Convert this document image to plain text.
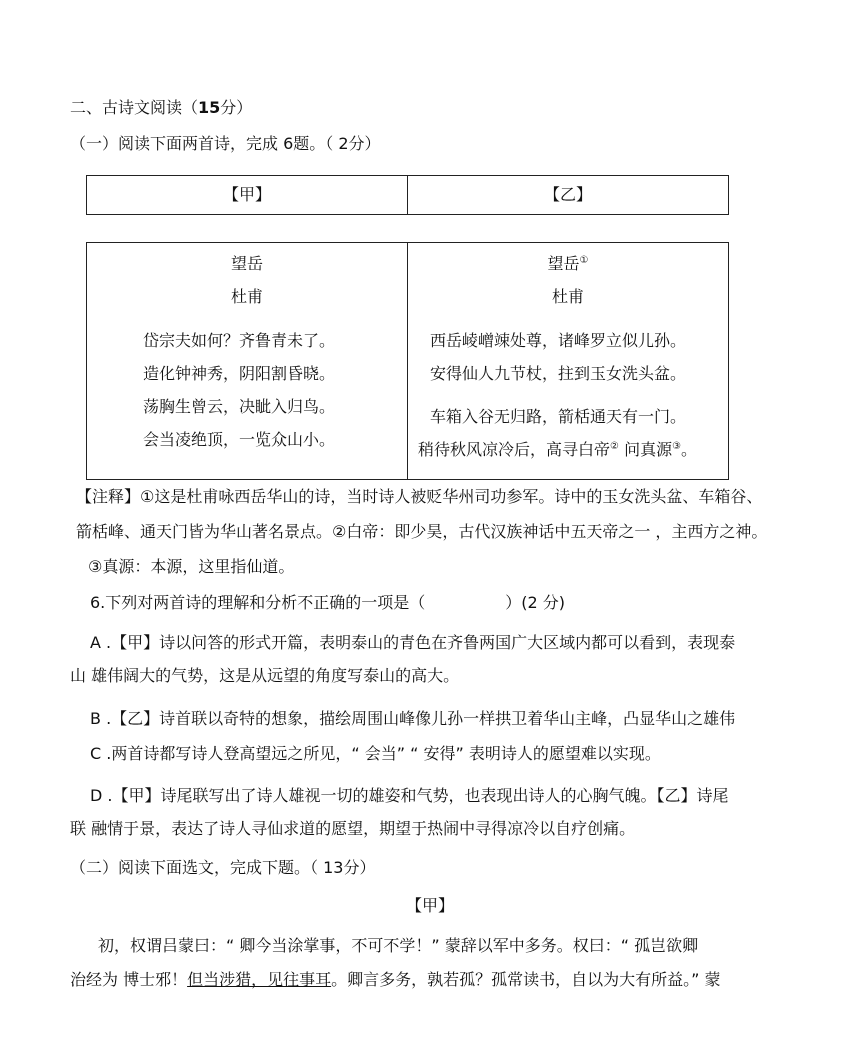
二、古诗文阅读（15分）
（一）阅读下面两首诗，完成 6题。（ 2分）
【甲】	【乙】
望岳
杜甫
岱宗夫如何？齐鲁青未了。
造化钟神秀，阴阳割昏晓。
荡胸生曾云，决眦入归鸟。
会当凌绝顶，一览众山小。

望岳①
杜甫
西岳崚嶒竦处尊，诸峰罗立似儿孙。
安得仙人九节杖，拄到玉女洗头盆。
车箱入谷无归路，箭栝通天有一门。
稍待秋风凉冷后，高寻白帝② 问真源③。
【注释】①这是杜甫咏西岳华山的诗，当时诗人被贬华州司功参军。诗中的玉女洗头盆、车箱谷、
箭栝峰、通天门皆为华山著名景点。②白帝：即少昊，古代汉族神话中五天帝之一 ，主西方之神。
③真源：本源，这里指仙道。
6.下列对两首诗的理解和分析不正确的一项是（	）(2 分)
A .【甲】诗以问答的形式开篇，表明泰山的青色在齐鲁两国广大区域内都可以看到，表现泰
山 雄伟阔大的气势，这是从远望的角度写泰山的高大。
B .【乙】诗首联以奇特的想象，描绘周围山峰像儿孙一样拱卫着华山主峰，凸显华山之雄伟
C .两首诗都写诗人登高望远之所见，“ 会当” “ 安得” 表明诗人的愿望难以实现。
D .【甲】诗尾联写出了诗人雄视一切的雄姿和气势，也表现出诗人的心胸气魄。【乙】诗尾
联 融情于景，表达了诗人寻仙求道的愿望，期望于热闹中寻得凉冷以自疗创痛。
（二）阅读下面选文，完成下题。（ 13分）
【甲】
初，权谓吕蒙曰：“ 卿今当涂掌事，不可不学！” 蒙辞以军中多务。权曰：“ 孤岂欲卿
治经为 博士邪！但当涉猎，见往事耳。卿言多务，孰若孤？孤常读书，自以为大有所益。” 蒙
